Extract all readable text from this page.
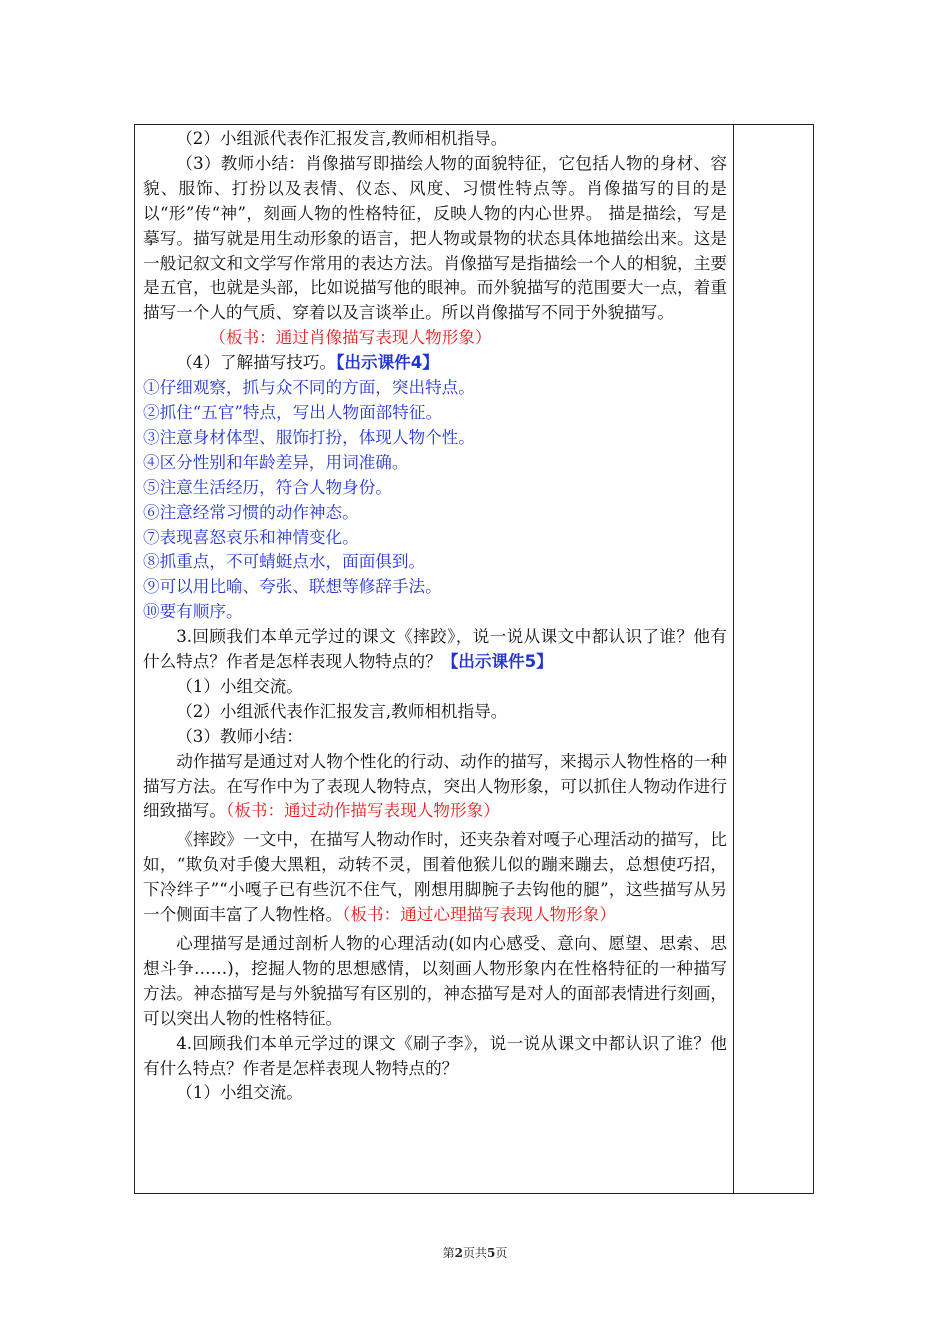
（2）小组派代表作汇报发言,教师相机指导。

（3）教师小结：肖像描写即描绘人物的面貌特征，它包括人物的身材、容貌、服饰、打扮以及表情、仪态、风度、习惯性特点等。肖像描写的目的是以“形”传“神”，刻画人物的性格特征，反映人物的内心世界。 描是描绘，写是摹写。描写就是用生动形象的语言，把人物或景物的状态具体地描绘出来。这是一般记叙文和文学写作常用的表达方法。肖像描写是指描绘一个人的相貌，主要是五官，也就是头部，比如说描写他的眼神。而外貌描写的范围要大一点，着重描写一个人的气质、穿着以及言谈举止。所以肖像描写不同于外貌描写。

（板书：通过肖像描写表现人物形象）

（4）了解描写技巧。【出示课件4】

①仔细观察，抓与众不同的方面，突出特点。

②抓住“五官”特点，写出人物面部特征。

③注意身材体型、服饰打扮，体现人物个性。

④区分性别和年龄差异，用词准确。

⑤注意生活经历，符合人物身份。

⑥注意经常习惯的动作神态。

⑦表现喜怒哀乐和神情变化。

⑧抓重点，不可蜻蜓点水，面面俱到。

⑨可以用比喻、夸张、联想等修辞手法。

⑩要有顺序。

3.回顾我们本单元学过的课文《摔跤》，说一说从课文中都认识了谁？他有什么特点？作者是怎样表现人物特点的？【出示课件5】

（1）小组交流。

（2）小组派代表作汇报发言,教师相机指导。

（3）教师小结：

动作描写是通过对人物个性化的行动、动作的描写，来揭示人物性格的一种描写方法。在写作中为了表现人物特点，突出人物形象，可以抓住人物动作进行细致描写。（板书：通过动作描写表现人物形象）

《摔跤》一文中，在描写人物动作时，还夹杂着对嘎子心理活动的描写，比如，“欺负对手傻大黑粗，动转不灵，围着他猴儿似的蹦来蹦去，总想使巧招，下冷绊子”“小嘎子已有些沉不住气，刚想用脚腕子去钩他的腿”，这些描写从另一个侧面丰富了人物性格。（板书：通过心理描写表现人物形象）

心理描写是通过剖析人物的心理活动(如内心感受、意向、愿望、思索、思想斗争……)，挖掘人物的思想感情，以刻画人物形象内在性格特征的一种描写方法。神态描写是与外貌描写有区别的，神态描写是对人的面部表情进行刻画，可以突出人物的性格特征。

4.回顾我们本单元学过的课文《刷子李》，说一说从课文中都认识了谁？他有什么特点？作者是怎样表现人物特点的？

（1）小组交流。

第2页共5页
